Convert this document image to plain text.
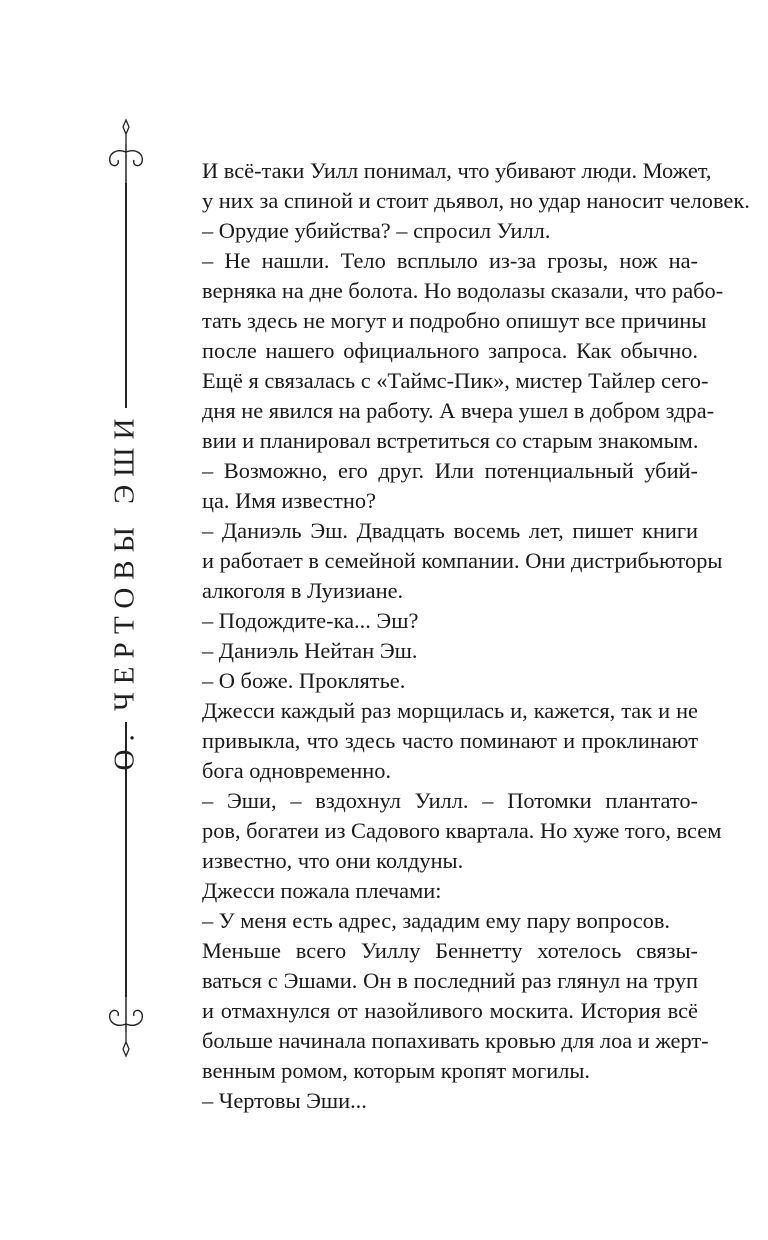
О. ЧЕРТОВЫ ЭШИ
И всё-таки Уилл понимал, что убивают люди. Может,
у них за спиной и стоит дьявол, но удар наносит человек.
– Орудие убийства? – спросил Уилл.
– Не нашли. Тело всплыло из-за грозы, нож на-
верняка на дне болота. Но водолазы сказали, что рабо-
тать здесь не могут и подробно опишут все причины
после нашего официального запроса. Как обычно.
Ещё я связалась с «Таймс-Пик», мистер Тайлер сего-
дня не явился на работу. А вчера ушел в добром здра-
вии и планировал встретиться со старым знакомым.
– Возможно, его друг. Или потенциальный убий-
ца. Имя известно?
– Даниэль Эш. Двадцать восемь лет, пишет книги
и работает в семейной компании. Они дистрибьюторы
алкоголя в Луизиане.
– Подождите-ка... Эш?
– Даниэль Нейтан Эш.
– О боже. Проклятье.
Джесси каждый раз морщилась и, кажется, так и не
привыкла, что здесь часто поминают и проклинают
бога одновременно.
– Эши, – вздохнул Уилл. – Потомки плантато-
ров, богатеи из Садового квартала. Но хуже того, всем
известно, что они колдуны.
Джесси пожала плечами:
– У меня есть адрес, зададим ему пару вопросов.
Меньше всего Уиллу Беннетту хотелось связы-
ваться с Эшами. Он в последний раз глянул на труп
и отмахнулся от назойливого москита. История всё
больше начинала попахивать кровью для лоа и жерт-
венным ромом, которым кропят могилы.
– Чертовы Эши...
